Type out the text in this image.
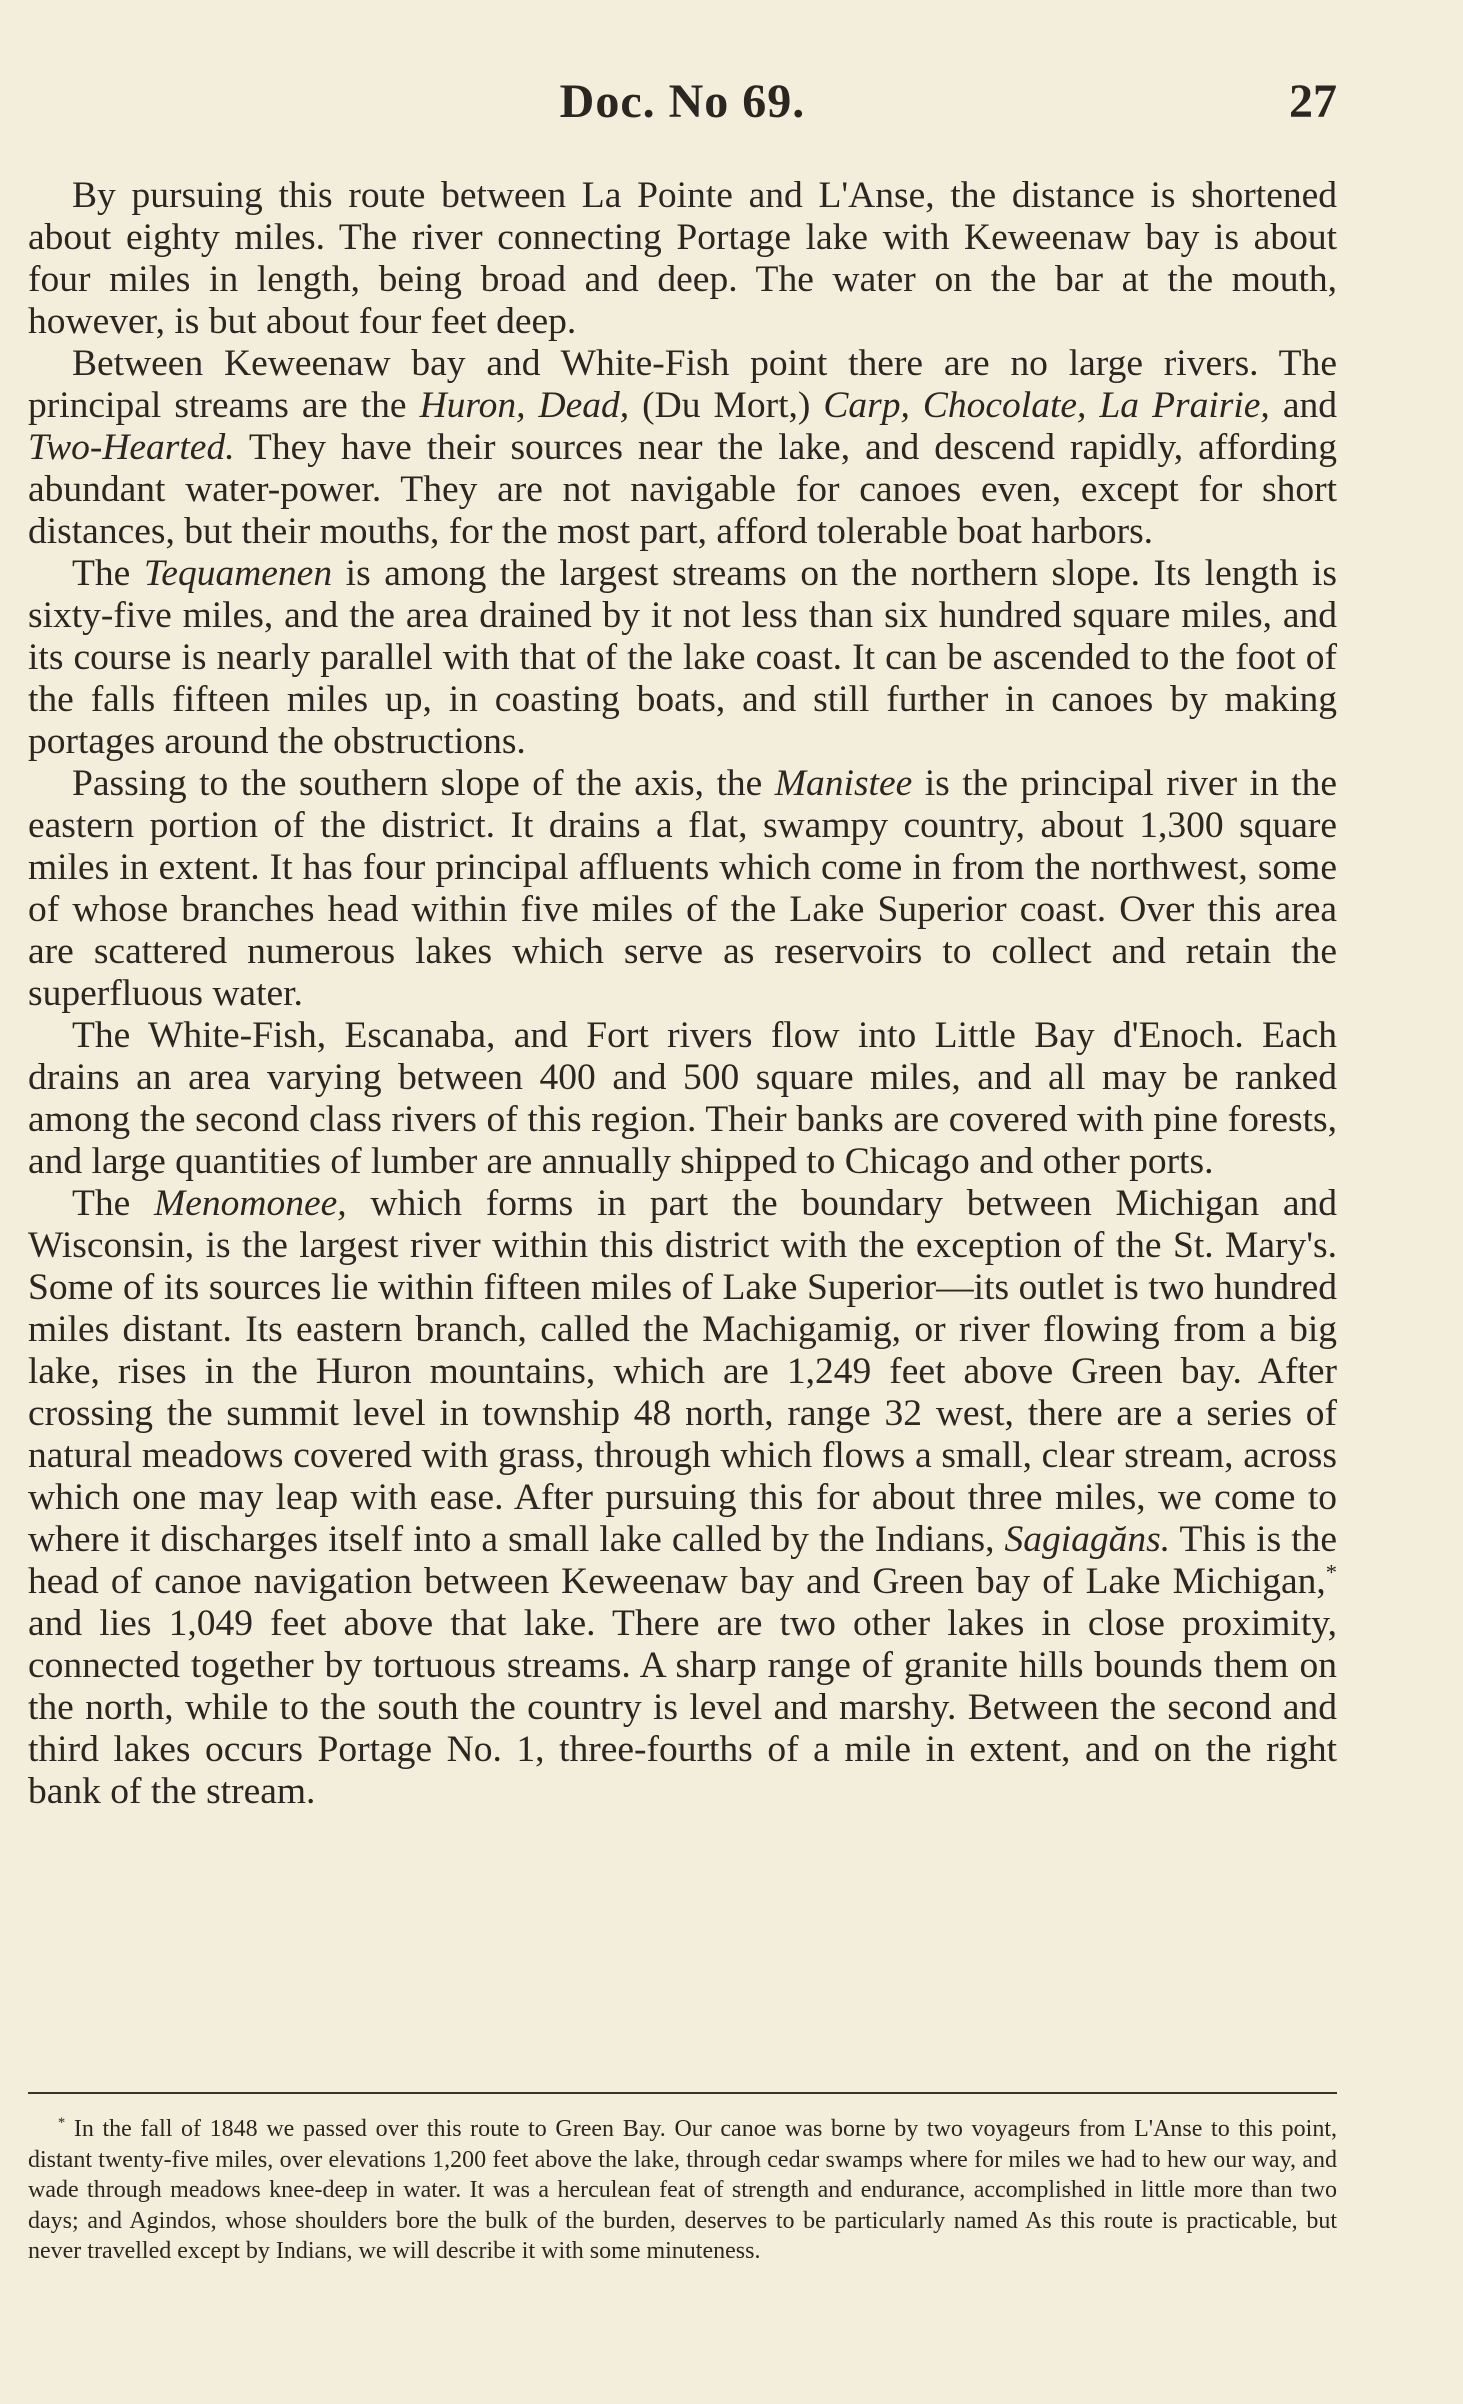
Doc. No 69.	27

By pursuing this route between La Pointe and L'Anse, the distance is shortened about eighty miles. The river connecting Portage lake with Keweenaw bay is about four miles in length, being broad and deep. The water on the bar at the mouth, however, is but about four feet deep.

Between Keweenaw bay and White-Fish point there are no large rivers. The principal streams are the Huron, Dead, (Du Mort,) Carp, Chocolate, La Prairie, and Two-Hearted. They have their sources near the lake, and descend rapidly, affording abundant water-power. They are not navigable for canoes even, except for short distances, but their mouths, for the most part, afford tolerable boat harbors.

The Tequamenen is among the largest streams on the northern slope. Its length is sixty-five miles, and the area drained by it not less than six hundred square miles, and its course is nearly parallel with that of the lake coast. It can be ascended to the foot of the falls fifteen miles up, in coasting boats, and still further in canoes by making portages around the obstructions.

Passing to the southern slope of the axis, the Manistee is the principal river in the eastern portion of the district. It drains a flat, swampy country, about 1,300 square miles in extent. It has four principal affluents which come in from the northwest, some of whose branches head within five miles of the Lake Superior coast. Over this area are scattered numerous lakes which serve as reservoirs to collect and retain the superfluous water.

The White-Fish, Escanaba, and Fort rivers flow into Little Bay d'Enoch. Each drains an area varying between 400 and 500 square miles, and all may be ranked among the second class rivers of this region. Their banks are covered with pine forests, and large quantities of lumber are annually shipped to Chicago and other ports.

The Menomonee, which forms in part the boundary between Michigan and Wisconsin, is the largest river within this district with the exception of the St. Mary's. Some of its sources lie within fifteen miles of Lake Superior—its outlet is two hundred miles distant. Its eastern branch, called the Machigamig, or river flowing from a big lake, rises in the Huron mountains, which are 1,249 feet above Green bay. After crossing the summit level in township 48 north, range 32 west, there are a series of natural meadows covered with grass, through which flows a small, clear stream, across which one may leap with ease. After pursuing this for about three miles, we come to where it discharges itself into a small lake called by the Indians, Sagiagăns. This is the head of canoe navigation between Keweenaw bay and Green bay of Lake Michigan,* and lies 1,049 feet above that lake. There are two other lakes in close proximity, connected together by tortuous streams. A sharp range of granite hills bounds them on the north, while to the south the country is level and marshy. Between the second and third lakes occurs Portage No. 1, three-fourths of a mile in extent, and on the right bank of the stream.

* In the fall of 1848 we passed over this route to Green Bay. Our canoe was borne by two voyageurs from L'Anse to this point, distant twenty-five miles, over elevations 1,200 feet above the lake, through cedar swamps where for miles we had to hew our way, and wade through meadows knee-deep in water. It was a herculean feat of strength and endurance, accomplished in little more than two days; and Agindos, whose shoulders bore the bulk of the burden, deserves to be particularly named As this route is practicable, but never travelled except by Indians, we will describe it with some minuteness.
